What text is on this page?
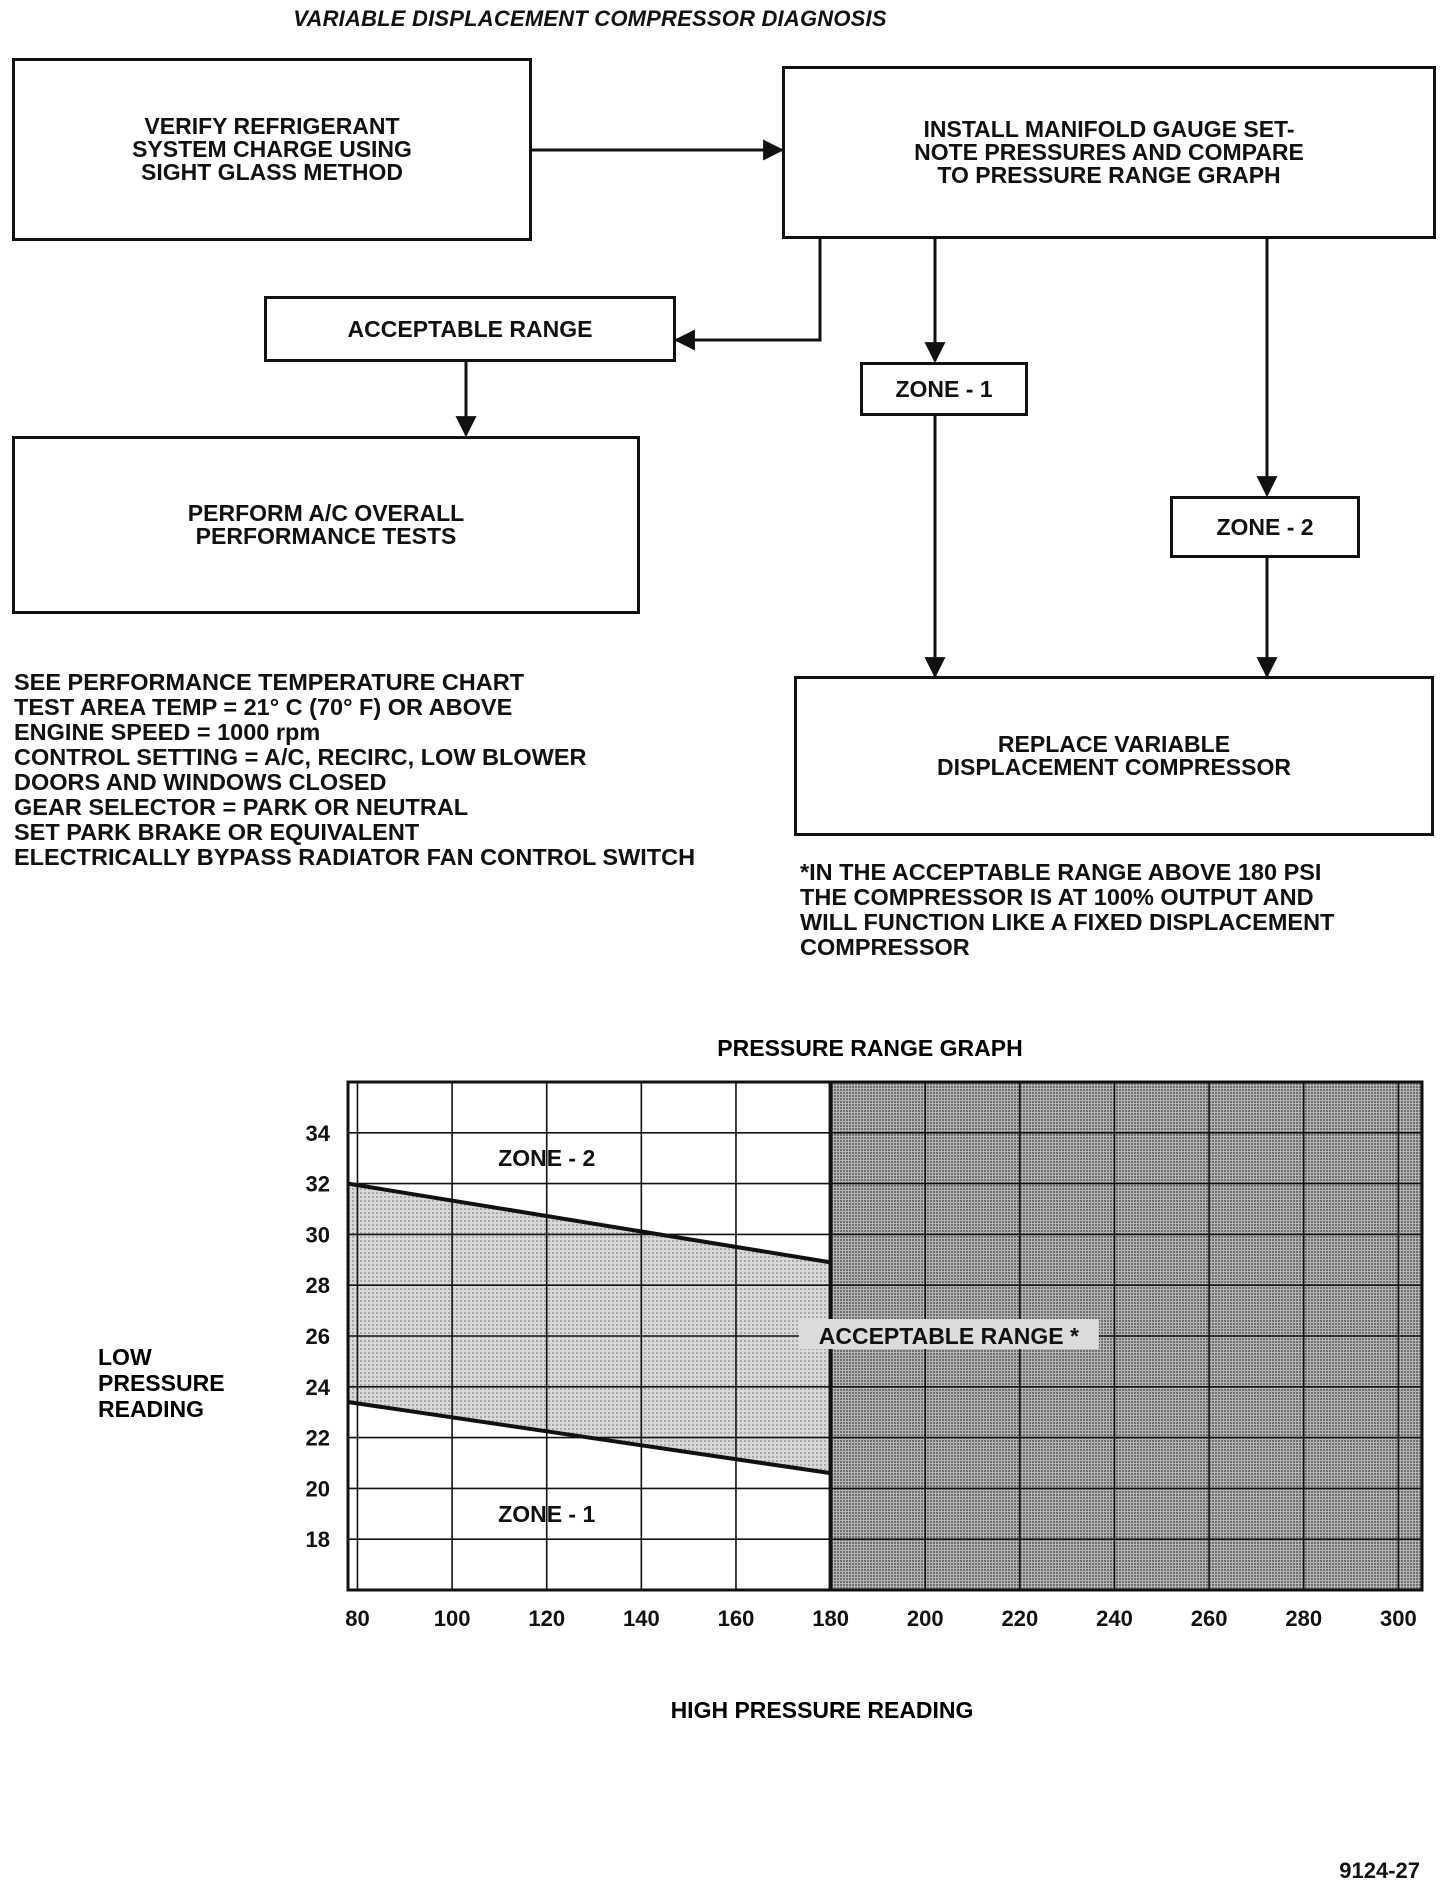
VARIABLE DISPLACEMENT COMPRESSOR DIAGNOSIS
VERIFY REFRIGERANT
SYSTEM CHARGE USING
SIGHT GLASS METHOD
INSTALL MANIFOLD GAUGE SET-
NOTE PRESSURES AND COMPARE
TO PRESSURE RANGE GRAPH
ACCEPTABLE RANGE
PERFORM A/C OVERALL
PERFORMANCE TESTS
ZONE - 1
ZONE - 2
REPLACE VARIABLE
DISPLACEMENT COMPRESSOR
SEE PERFORMANCE TEMPERATURE CHART
TEST AREA TEMP = 21° C (70° F) OR ABOVE
ENGINE SPEED = 1000 rpm
CONTROL SETTING = A/C, RECIRC, LOW BLOWER
DOORS AND WINDOWS CLOSED
GEAR SELECTOR = PARK OR NEUTRAL
SET PARK BRAKE OR EQUIVALENT
ELECTRICALLY BYPASS RADIATOR FAN CONTROL SWITCH
*IN THE ACCEPTABLE RANGE ABOVE 180 PSI
THE COMPRESSOR IS AT 100% OUTPUT AND
WILL FUNCTION LIKE A FIXED DISPLACEMENT
COMPRESSOR
PRESSURE RANGE GRAPH
80	100	120	140	160	180	200	220	240	260	280	300
18
20
22
24
26
28
30
32
34
ZONE - 2
ACCEPTABLE RANGE *
ZONE - 1
LOW
PRESSURE
READING
HIGH PRESSURE READING
9124-27
